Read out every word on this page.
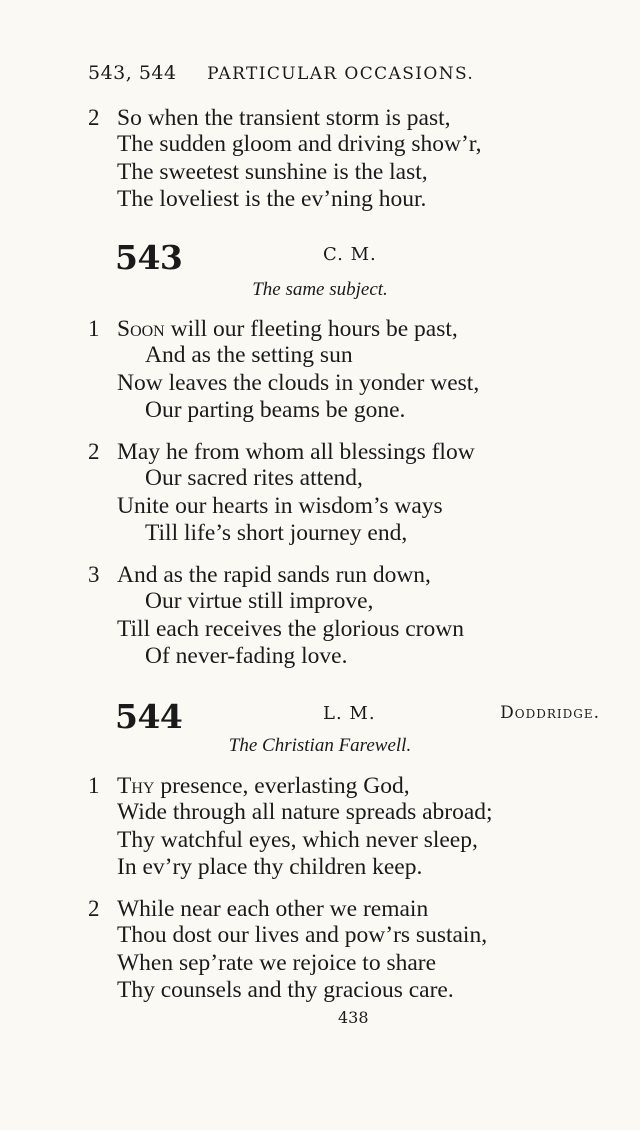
543, 544 PARTICULAR OCCASIONS.
2 So when the transient storm is past,
The sudden gloom and driving show’r,
The sweetest sunshine is the last,
The loveliest is the ev’ning hour.
543	C. M.
The same subject.
1 Soon will our fleeting hours be past,
And as the setting sun
Now leaves the clouds in yonder west,
Our parting beams be gone.
2 May he from whom all blessings flow
Our sacred rites attend,
Unite our hearts in wisdom’s ways
Till life’s short journey end,
3 And as the rapid sands run down,
Our virtue still improve,
Till each receives the glorious crown
Of never-fading love.
544	L. M.	Doddridge.
The Christian Farewell.
1 Thy presence, everlasting God,
Wide through all nature spreads abroad;
Thy watchful eyes, which never sleep,
In ev’ry place thy children keep.
2 While near each other we remain
Thou dost our lives and pow’rs sustain,
When sep’rate we rejoice to share
Thy counsels and thy gracious care.
438
